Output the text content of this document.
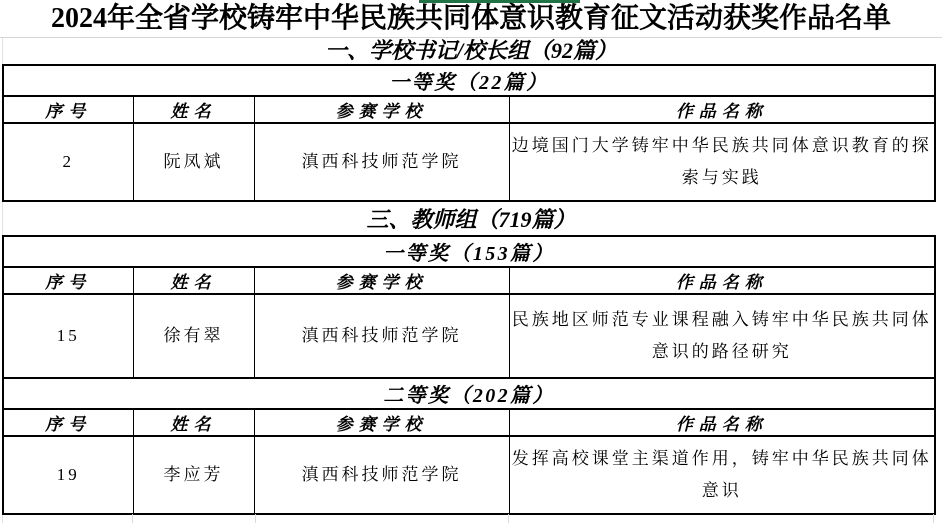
2024年全省学校铸牢中华民族共同体意识教育征文活动获奖作品名单
一、学校书记/校长组（92篇）
一等奖（22篇）			
序号	姓名	参赛学校	作品名称
2	阮凤斌	滇西科技师范学院	边境国门大学铸牢中华民族共同体意识教育的探索与实践
三、教师组（719篇）
一等奖（153篇）			
序号	姓名	参赛学校	作品名称
15	徐有翠	滇西科技师范学院	民族地区师范专业课程融入铸牢中华民族共同体意识的路径研究
二等奖（202篇）			
序号	姓名	参赛学校	作品名称
19	李应芳	滇西科技师范学院	发挥高校课堂主渠道作用，铸牢中华民族共同体意识
